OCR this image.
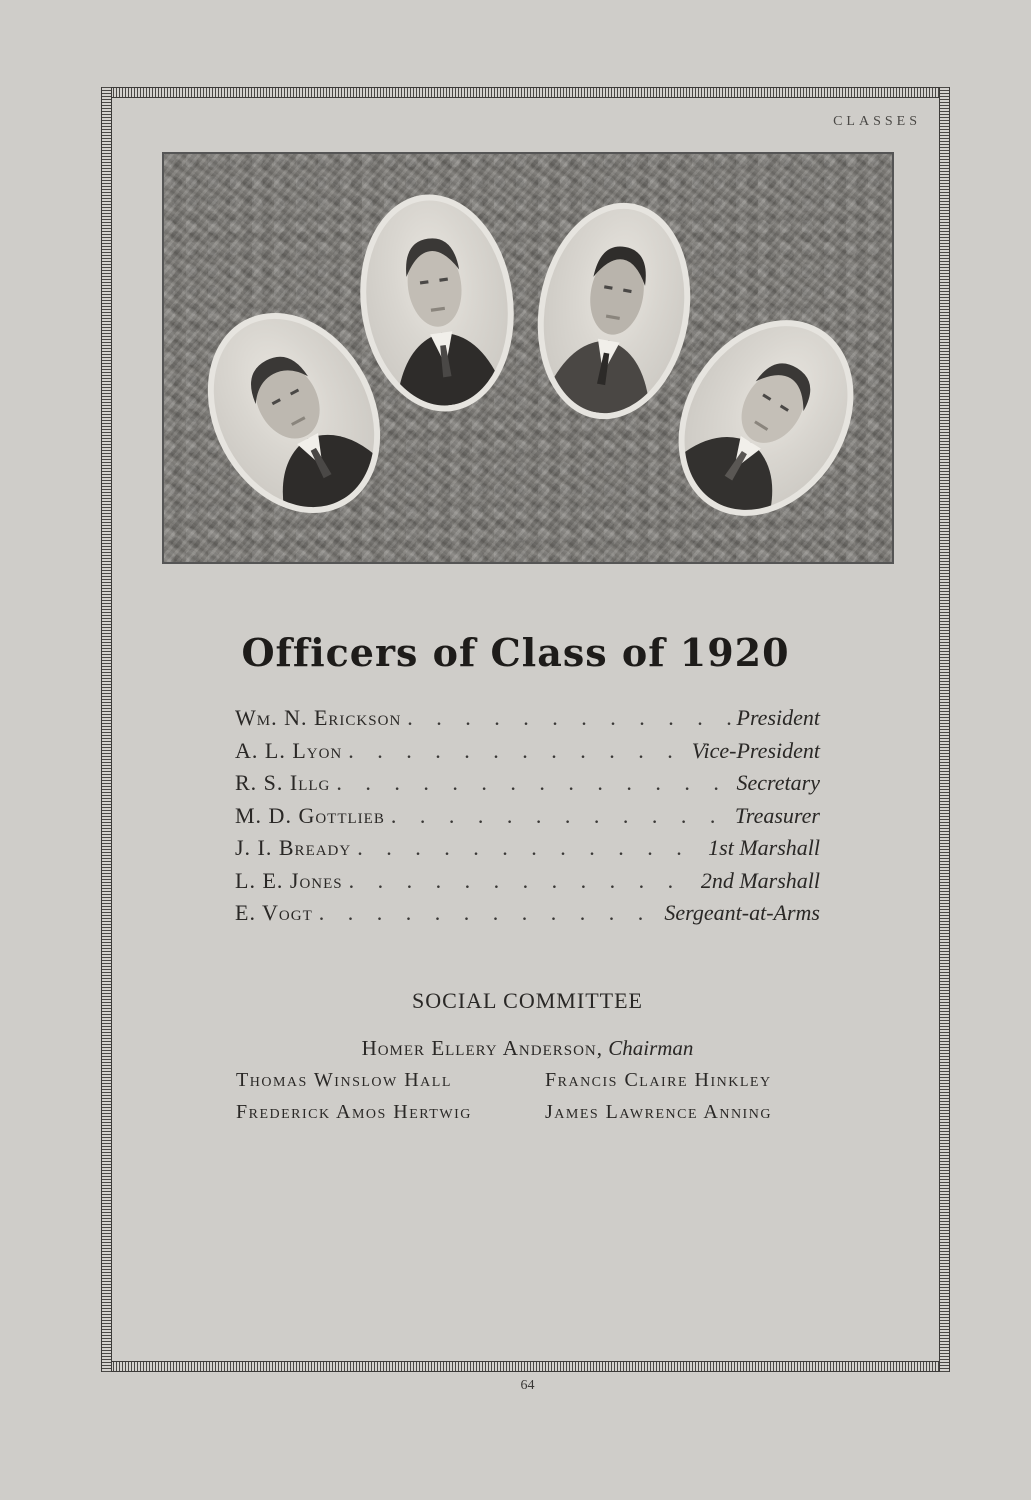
CLASSES
Officers of Class of 1920
Wm. N. Erickson . . .	President
A. L. Lyon . . .	Vice-President
R. S. Illg . . .	Secretary
M. D. Gottlieb . . .	Treasurer
J. I. Bready . . .	1st Marshall
L. E. Jones . . .	2nd Marshall
E. Vogt . . .	Sergeant-at-Arms
SOCIAL COMMITTEE
Homer Ellery Anderson, Chairman
Thomas Winslow Hall	Francis Claire Hinkley
Frederick Amos Hertwig	James Lawrence Anning
64
